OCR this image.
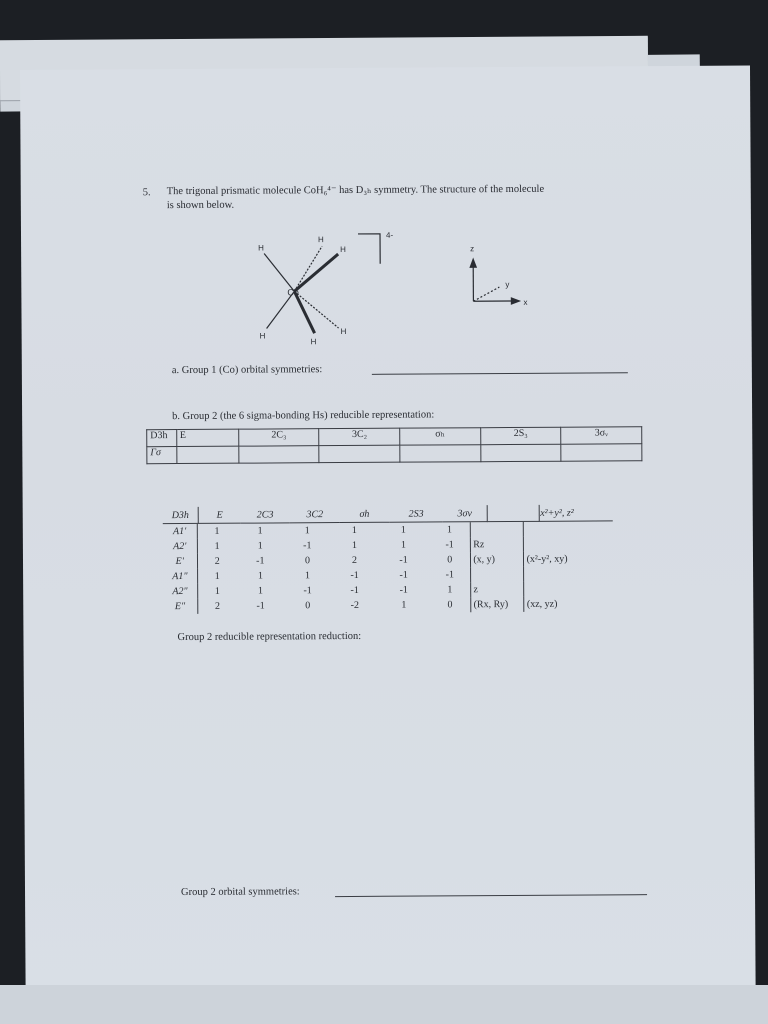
5. The trigonal prismatic molecule CoH₆⁴⁻ has D₃ₕ symmetry. The structure of the molecule
is shown below.
Co
H
H
H
H
H
H
4-
z
y
x
a. Group 1 (Co) orbital symmetries:
b. Group 2 (the 6 sigma-bonding Hs) reducible representation:
D3h	E	2C₃	3C₂	σₕ	2S₃	3σᵥ
Γσ						
D3h	E	2C3	3C2	σh	2S3	3σv		x²+y², z²
A1'	1	1	1	1	1	1		
A2'	1	1	-1	1	1	-1	Rz	
E'	2	-1	0	2	-1	0	(x, y)	(x²-y², xy)
A1"	1	1	1	-1	-1	-1		
A2"	1	1	-1	-1	-1	1	z	
E"	2	-1	0	-2	1	0	(Rx, Ry)	(xz, yz)
Group 2 reducible representation reduction:
Group 2 orbital symmetries:
